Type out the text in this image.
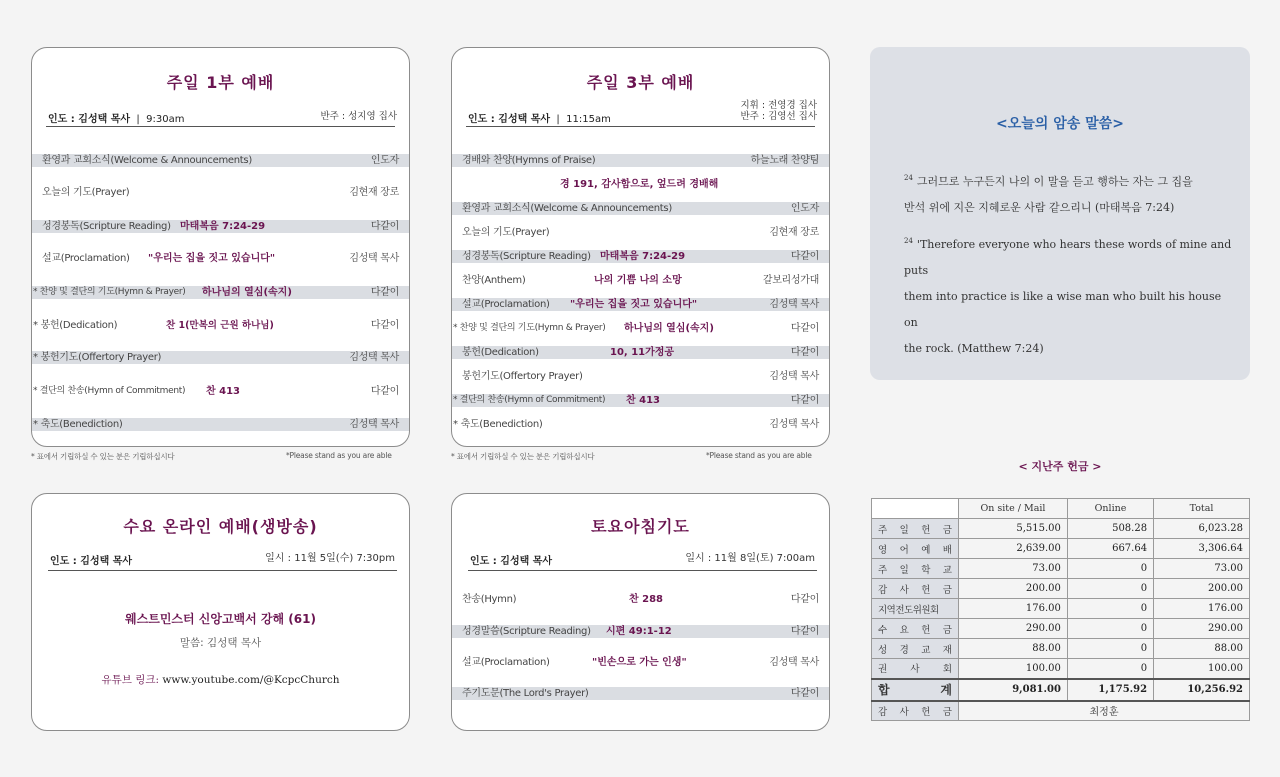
주일 1부 예배
인도 : 김성택 목사  |  9:30am	반주 : 성지영 집사
환영과 교회소식(Welcome & Announcements)	인도자
오늘의 기도(Prayer)	김현재 장로
성경봉독(Scripture Reading) 마태복음 7:24-29	다같이
설교(Proclamation) "우리는 집을 짓고 있습니다"	김성택 목사
* 찬양 및 결단의 기도(Hymn & Prayer) 하나님의 열심(속지)	다같이
* 봉헌(Dedication)	찬 1(만복의 근원 하나님)	다같이
* 봉헌기도(Offertory Prayer)	김성택 목사
* 결단의 찬송(Hymn of Commitment) 찬 413	다같이
* 축도(Benediction)	김성택 목사
* 표에서 기립하실 수 있는 분은 기립하십시다	*Please stand as you are able
주일 3부 예배
인도 : 김성택 목사  |  11:15am
지휘 : 전영경 집사
반주 : 김영선 집사
경배와 찬양(Hymns of Praise)	하늘노래 찬양팀
경 191, 감사함으로, 엎드려 경배해
환영과 교회소식(Welcome & Announcements)	인도자
오늘의 기도(Prayer)	김현재 장로
성경봉독(Scripture Reading) 마태복음 7:24-29	다같이
찬양(Anthem)	나의 기쁨 나의 소망	갈보리성가대
설교(Proclamation) "우리는 집을 짓고 있습니다"	김성택 목사
* 찬양 및 결단의 기도(Hymn & Prayer) 하나님의 열심(속지)	다같이
봉헌(Dedication)	10, 11가정공	다같이
봉헌기도(Offertory Prayer)	김성택 목사
* 결단의 찬송(Hymn of Commitment) 찬 413	다같이
* 축도(Benediction)	김성택 목사
* 표에서 기립하실 수 있는 분은 기립하십시다	*Please stand as you are able
수요 온라인 예배(생방송)
인도 : 김성택 목사	일시 : 11월 5일(수) 7:30pm
웨스트민스터 신앙고백서 강해 (61)
말씀: 김성택 목사
유튜브 링크: www.youtube.com/@KcpcChurch
토요아침기도
인도 : 김성택 목사	일시 : 11월 8일(토) 7:00am
찬송(Hymn)	찬 288	다같이
성경말씀(Scripture Reading) 시편 49:1-12	다같이
설교(Proclamation)	"빈손으로 가는 인생"	김성택 목사
주기도문(The Lord's Prayer)	다같이
<오늘의 암송 말씀>
$^{24}$ 그러므로 누구든지 나의 이 말을 듣고 행하는 자는 그 집을
반석 위에 지은 지혜로운 사람 같으리니 (마태복음 7:24)
$^{24}$ 'Therefore everyone who hears these words of mine and puts
them into practice is like a wise man who built his house on
the rock. (Matthew 7:24)
< 지난주 헌금 >
	On site / Mail	Online	Total
주 일 헌 금	5,515.00	508.28	6,023.28
영 어 예 배	2,639.00	667.64	3,306.64
주 일 학 교	73.00	0	73.00
감 사 헌 금	200.00	0	200.00
지역전도위원회	176.00	0	176.00
수 요 헌 금	290.00	0	290.00
성 경 교 재	88.00	0	88.00
권 사 회	100.00	0	100.00
합 계	9,081.00	1,175.92	10,256.92
감 사 헌 금	최정훈		
